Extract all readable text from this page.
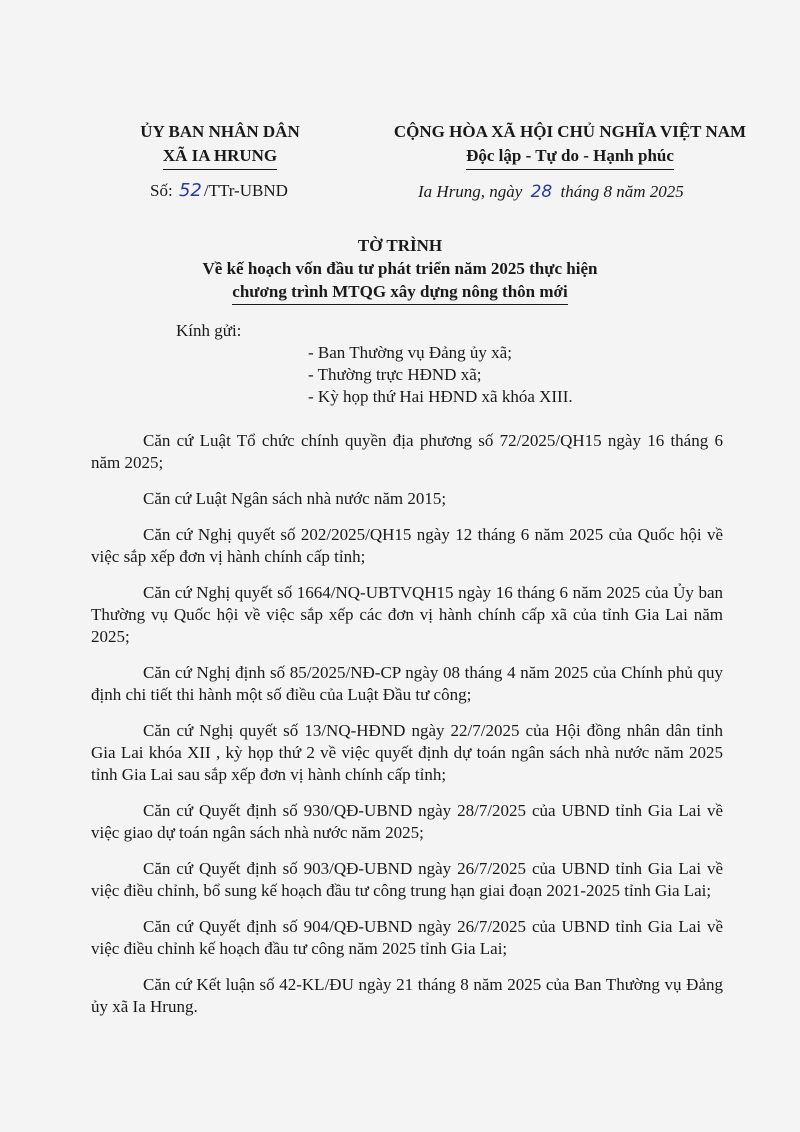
ỦY BAN NHÂN DÂN
XÃ IA HRUNG
CỘNG HÒA XÃ HỘI CHỦ NGHĨA VIỆT NAM
Độc lập - Tự do - Hạnh phúc
Số: 52 /TTr-UBND	Ia Hrung, ngày 28 tháng 8 năm 2025
TỜ TRÌNH
Về kế hoạch vốn đầu tư phát triển năm 2025 thực hiện
chương trình MTQG xây dựng nông thôn mới
Kính gửi:
- Ban Thường vụ Đảng ủy xã;
- Thường trực HĐND xã;
- Kỳ họp thứ Hai HĐND xã khóa XIII.

Căn cứ Luật Tổ chức chính quyền địa phương số 72/2025/QH15 ngày 16 tháng 6 năm 2025;

Căn cứ Luật Ngân sách nhà nước năm 2015;

Căn cứ Nghị quyết số 202/2025/QH15 ngày 12 tháng 6 năm 2025 của Quốc hội về việc sắp xếp đơn vị hành chính cấp tỉnh;

Căn cứ Nghị quyết số 1664/NQ-UBTVQH15 ngày 16 tháng 6 năm 2025 của Ủy ban Thường vụ Quốc hội về việc sắp xếp các đơn vị hành chính cấp xã của tỉnh Gia Lai năm 2025;

Căn cứ Nghị định số 85/2025/NĐ-CP ngày 08 tháng 4 năm 2025 của Chính phủ quy định chi tiết thi hành một số điều của Luật Đầu tư công;

Căn cứ Nghị quyết số 13/NQ-HĐND ngày 22/7/2025 của Hội đồng nhân dân tỉnh Gia Lai khóa XII , kỳ họp thứ 2 về việc quyết định dự toán ngân sách nhà nước năm 2025 tỉnh Gia Lai sau sắp xếp đơn vị hành chính cấp tỉnh;

Căn cứ Quyết định số 930/QĐ-UBND ngày 28/7/2025 của UBND tỉnh Gia Lai về việc giao dự toán ngân sách nhà nước năm 2025;

Căn cứ Quyết định số 903/QĐ-UBND ngày 26/7/2025 của UBND tỉnh Gia Lai về việc điều chỉnh, bổ sung kế hoạch đầu tư công trung hạn giai đoạn 2021-2025 tỉnh Gia Lai;

Căn cứ Quyết định số 904/QĐ-UBND ngày 26/7/2025 của UBND tỉnh Gia Lai về việc điều chỉnh kế hoạch đầu tư công năm 2025 tỉnh Gia Lai;

Căn cứ Kết luận số 42-KL/ĐU ngày 21 tháng 8 năm 2025 của Ban Thường vụ Đảng ủy xã Ia Hrung.
